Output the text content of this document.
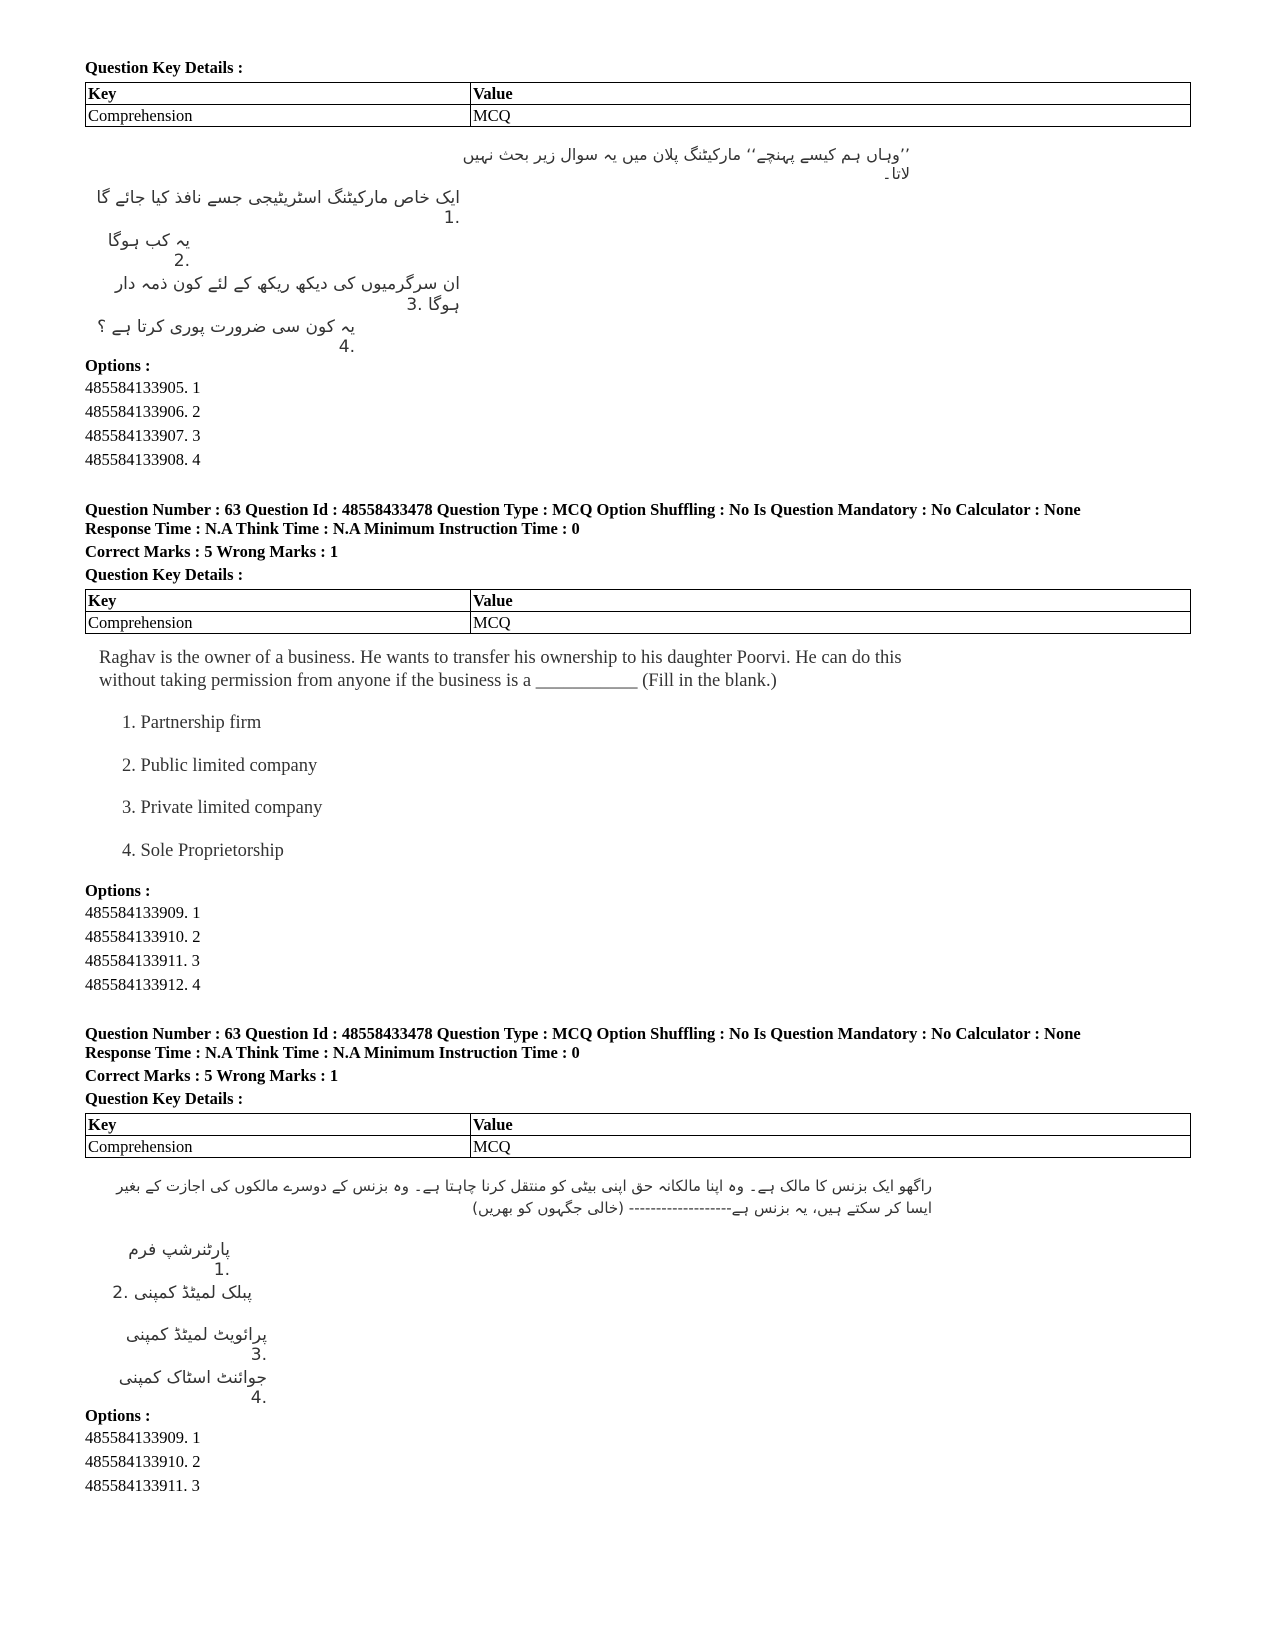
Question Key Details :
Key	Value
Comprehension	MCQ
’’وہاں ہم کیسے پہنچے‘‘ مارکیٹنگ پلان میں یہ سوال زیر بحث نہیں لاتا۔
ایک خاص مارکیٹنگ اسٹریٹیجی جسے نافذ کیا جائے گا .1
یہ کب ہوگا .2
ان سرگرمیوں کی دیکھ ریکھ کے لئے کون ذمہ دار ہوگا .3
یہ کون سی ضرورت پوری کرتا ہے ؟ .4
Options :
485584133905. 1
485584133906. 2
485584133907. 3
485584133908. 4
Question Number : 63 Question Id : 48558433478 Question Type : MCQ Option Shuffling : No Is Question Mandatory : No Calculator : None
Response Time : N.A Think Time : N.A Minimum Instruction Time : 0
Correct Marks : 5 Wrong Marks : 1
Question Key Details :
Key	Value
Comprehension	MCQ
Raghav is the owner of a business. He wants to transfer his ownership to his daughter Poorvi. He can do this
without taking permission from anyone if the business is a ___________ (Fill in the blank.)
1. Partnership firm
2. Public limited company
3. Private limited company
4. Sole Proprietorship
Options :
485584133909. 1
485584133910. 2
485584133911. 3
485584133912. 4
Question Number : 63 Question Id : 48558433478 Question Type : MCQ Option Shuffling : No Is Question Mandatory : No Calculator : None
Response Time : N.A Think Time : N.A Minimum Instruction Time : 0
Correct Marks : 5 Wrong Marks : 1
Question Key Details :
Key	Value
Comprehension	MCQ
راگھو ایک بزنس کا مالک ہے۔ وہ اپنا مالکانہ حق اپنی بیٹی کو منتقل کرنا چاہتا ہے۔ وہ بزنس کے دوسرے مالکوں کی اجازت کے بغیر
ایسا کر سکتے ہیں، یہ بزنس ہے------------------- (خالی جگہوں کو بھریں)
پارٹنرشپ فرم .1
پبلک لمیٹڈ کمپنی .2
پرائویٹ لمیٹڈ کمپنی .3
جوائنٹ اسٹاک کمپنی .4
Options :
485584133909. 1
485584133910. 2
485584133911. 3
